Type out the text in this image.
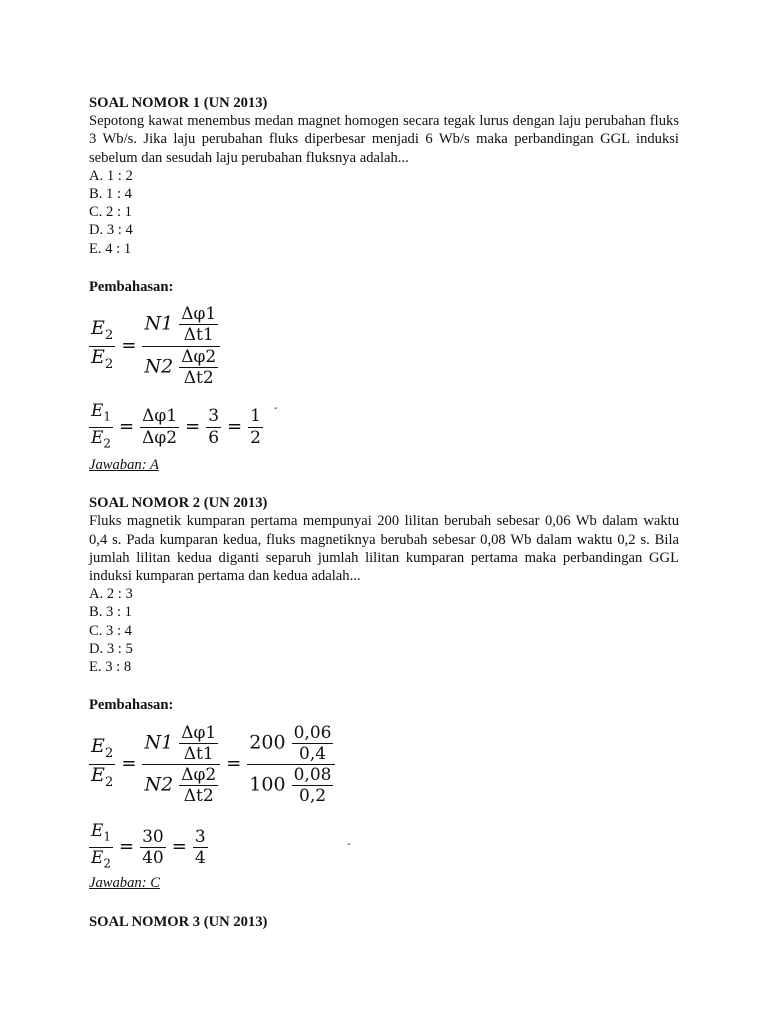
SOAL NOMOR 1 (UN 2013)
Sepotong kawat menembus medan magnet homogen secara tegak lurus dengan laju perubahan fluks 3 Wb/s. Jika laju perubahan fluks diperbesar menjadi 6 Wb/s maka perbandingan GGL induksi sebelum dan sesudah laju perubahan fluksnya adalah...
A. 1 : 2
B. 1 : 4
C. 2 : 1
D. 3 : 4
E. 4 : 1
Pembahasan:
$\frac{E_2}{E_2} = \frac{N1 \frac{\Delta\varphi 1}{\Delta t1}}{N2 \frac{\Delta\varphi 2}{\Delta t2}}$
$\frac{E_1}{E_2} = \frac{\Delta\varphi 1}{\Delta\varphi 2} = \frac{3}{6} = \frac{1}{2}$ -
Jawaban: A
SOAL NOMOR 2 (UN 2013)
Fluks magnetik kumparan pertama mempunyai 200 lilitan berubah sebesar 0,06 Wb dalam waktu 0,4 s. Pada kumparan kedua, fluks magnetiknya berubah sebesar 0,08 Wb dalam waktu 0,2 s. Bila jumlah lilitan kedua diganti separuh jumlah lilitan kumparan pertama maka perbandingan GGL induksi kumparan pertama dan kedua adalah...
A. 2 : 3
B. 3 : 1
C. 3 : 4
D. 3 : 5
E. 3 : 8
Pembahasan:
$\frac{E_2}{E_2} = \frac{N1 \frac{\Delta\varphi 1}{\Delta t1}}{N2 \frac{\Delta\varphi 2}{\Delta t2}} = \frac{200 \frac{0,06}{0,4}}{100 \frac{0,08}{0,2}}$
$\frac{E_1}{E_2} = \frac{30}{40} = \frac{3}{4}$	-
Jawaban: C
SOAL NOMOR 3 (UN 2013)
